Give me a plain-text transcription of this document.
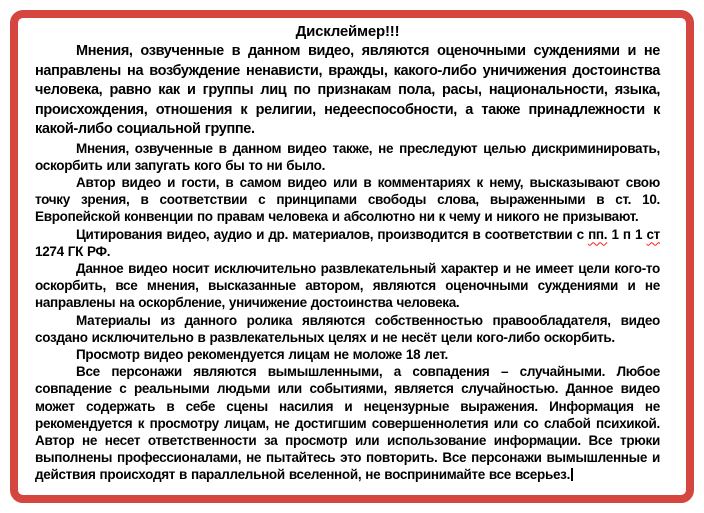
Дисклеймер!!!

Мнения, озвученные в данном видео, являются оценочными суждениями и не направлены на возбуждение ненависти, вражды, какого-либо уничижения достоинства человека, равно как и группы лиц по признакам пола, расы, национальности, языка, происхождения, отношения к религии, недееспособности, а также принадлежности к какой-либо социальной группе.

Мнения, озвученные в данном видео также, не преследуют целью дискриминировать, оскорбить или запугать кого бы то ни было.

Автор видео и гости, в самом видео или в комментариях к нему, высказывают свою точку зрения, в соответствии с принципами свободы слова, выраженными в ст. 10. Европейской конвенции по правам человека и абсолютно ни к чему и никого не призывают.

Цитирования видео, аудио и др. материалов, производится в соответствии с пп. 1 п 1 ст 1274 ГК РФ.

Данное видео носит исключительно развлекательный характер и не имеет цели кого-то оскорбить, все мнения, высказанные автором, являются оценочными суждениями и не направлены на оскорбление, уничижение достоинства человека.

Материалы из данного ролика являются собственностью правообладателя, видео создано исключительно в развлекательных целях и не несёт цели кого-либо оскорбить.

Просмотр видео рекомендуется лицам не моложе 18 лет.

Все персонажи являются вымышленными, а совпадения – случайными. Любое совпадение с реальными людьми или событиями, является случайностью. Данное видео может содержать в себе сцены насилия и нецензурные выражения. Информация не рекомендуется к просмотру лицам, не достигшим совершеннолетия или со слабой психикой. Автор не несет ответственности за просмотр или использование информации. Все трюки выполнены профессионалами, не пытайтесь это повторить. Все персонажи вымышленные и действия происходят в параллельной вселенной, не воспринимайте все всерьез.
